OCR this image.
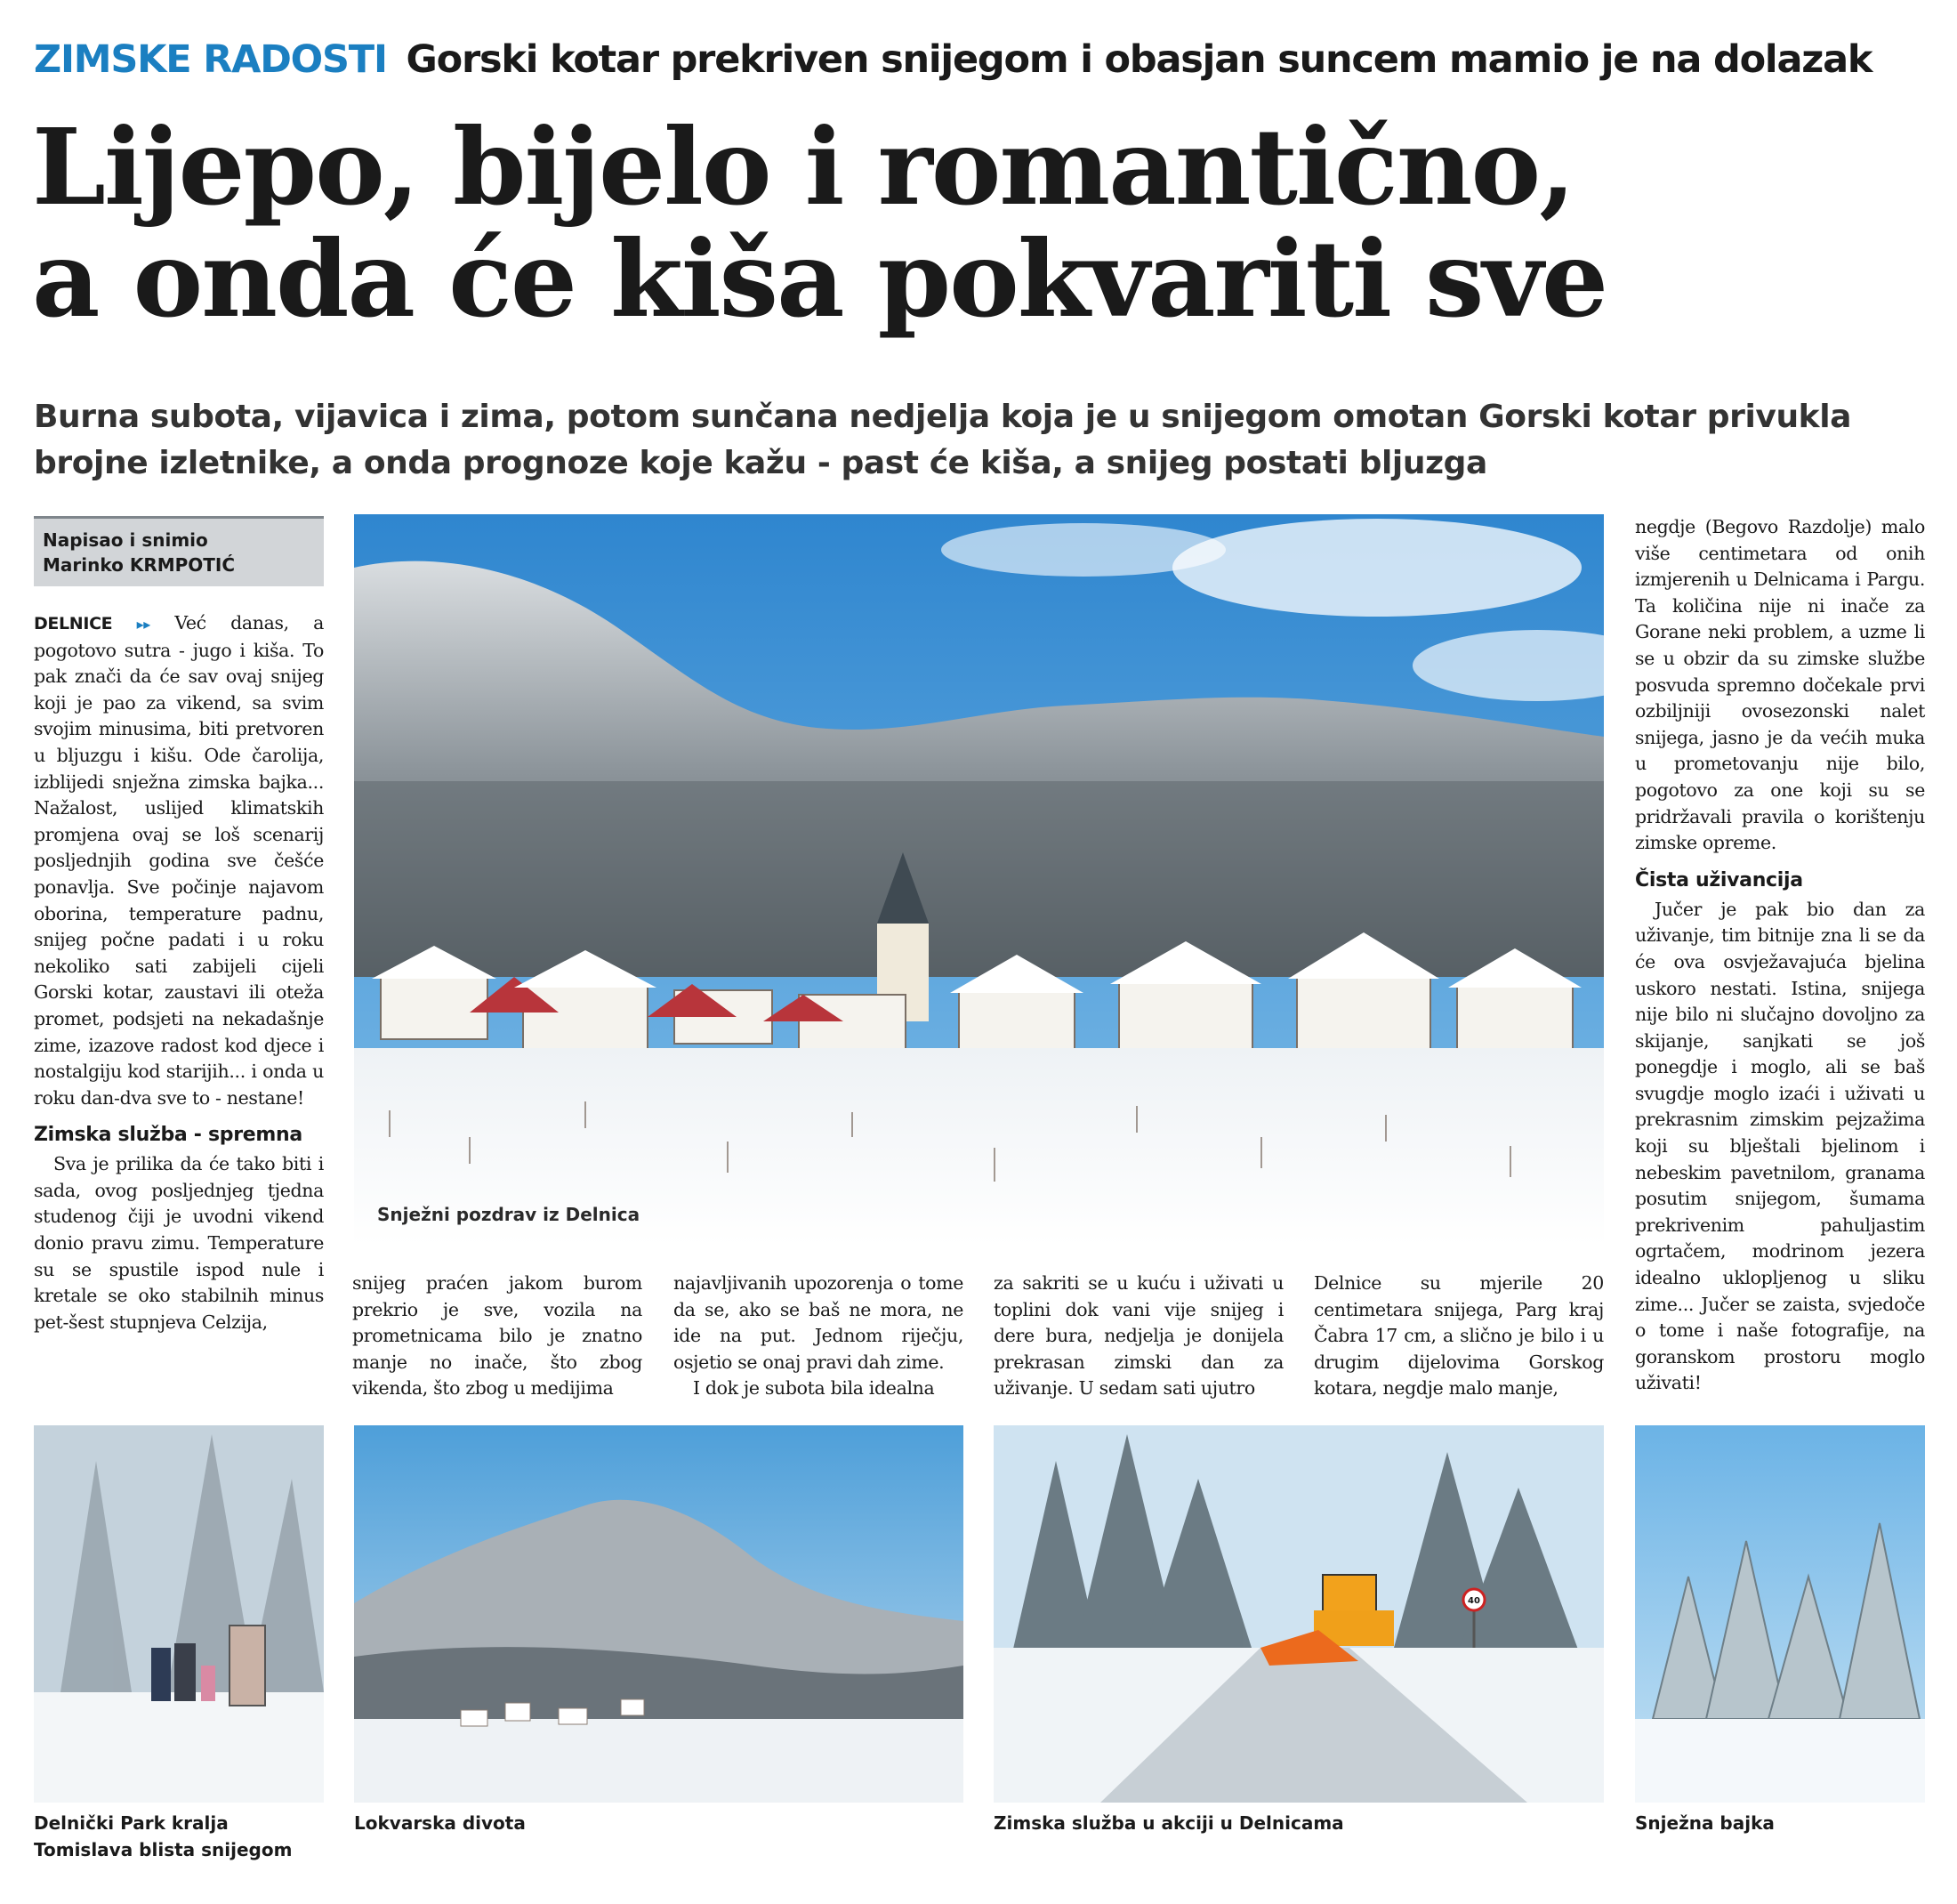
ZIMSKE RADOSTI Gorski kotar prekriven snijegom i obasjan suncem mamio je na dolazak
Lijepo, bijelo i romantično,
a onda će kiša pokvariti sve

Burna subota, vijavica i zima, potom sunčana nedjelja koja je u snijegom omotan Gorski kotar privukla brojne izletnike, a onda prognoze koje kažu - past će kiša, a snijeg postati bljuzga

Napisao i snimio
Marinko KRMPOTIĆ

DELNICE ▸▸ Već danas, a pogotovo sutra - jugo i kiša. To pak znači da će sav ovaj snijeg koji je pao za vikend, sa svim svojim minusima, biti pretvoren u bljuzgu i kišu. Ode čarolija, izblijedi snježna zimska bajka... Nažalost, uslijed klimatskih promjena ovaj se loš scenarij posljednjih godina sve češće ponavlja. Sve počinje najavom oborina, temperature padnu, snijeg počne padati i u roku nekoliko sati zabijeli cijeli Gorski kotar, zaustavi ili oteža promet, podsjeti na nekadašnje zime, izazove radost kod djece i nostalgiju kod starijih... i onda u roku dan-dva sve to - nestane!

Zimska služba - spremna

Sva je prilika da će tako biti i sada, ovog posljednjeg tjedna studenog čiji je uvodni vikend donio pravu zimu. Temperature su se spustile ispod nule i kretale se oko stabilnih minus pet-šest stupnjeva Celzija,

snijeg praćen jakom burom prekrio je sve, vozila na prometnicama bilo je znatno manje no inače, što zbog vikenda, što zbog u medijima

najavljivanih upozorenja o tome da se, ako se baš ne mora, ne ide na put. Jednom riječju, osjetio se onaj pravi dah zime.

I dok je subota bila idealna

za sakriti se u kuću i uživati u toplini dok vani vije snijeg i dere bura, nedjelja je donijela prekrasan zimski dan za uživanje. U sedam sati ujutro

Delnice su mjerile 20 centimetara snijega, Parg kraj Čabra 17 cm, a slično je bilo i u drugim dijelovima Gorskog kotara, negdje malo manje,

negdje (Begovo Razdolje) malo više centimetara od onih izmjerenih u Delnicama i Pargu. Ta količina nije ni inače za Gorane neki problem, a uzme li se u obzir da su zimske službe posvuda spremno dočekale prvi ozbiljniji ovosezonski nalet snijega, jasno je da većih muka u prometovanju nije bilo, pogotovo za one koji su se pridržavali pravila o korištenju zimske opreme.

Čista uživancija

Jučer je pak bio dan za uživanje, tim bitnije zna li se da će ova osvježavajuća bjelina uskoro nestati. Istina, snijega nije bilo ni slučajno dovoljno za skijanje, sanjkati se još ponegdje i moglo, ali se baš svugdje moglo izaći i uživati u prekrasnim zimskim pejzažima koji su blještali bjelinom i nebeskim pavetnilom, granama posutim snijegom, šumama prekrivenim pahuljastim ogrtačem, modrinom jezera idealno uklopljenog u sliku zime... Jučer se zaista, svjedoče o tome i naše fotografije, na goranskom prostoru moglo uživati!

Snježni pozdrav iz Delnica
Delnički Park kralja Tomislava blista snijegom
Lokvarska divota
40
Zimska služba u akciji u Delnicama	Snježna bajka
